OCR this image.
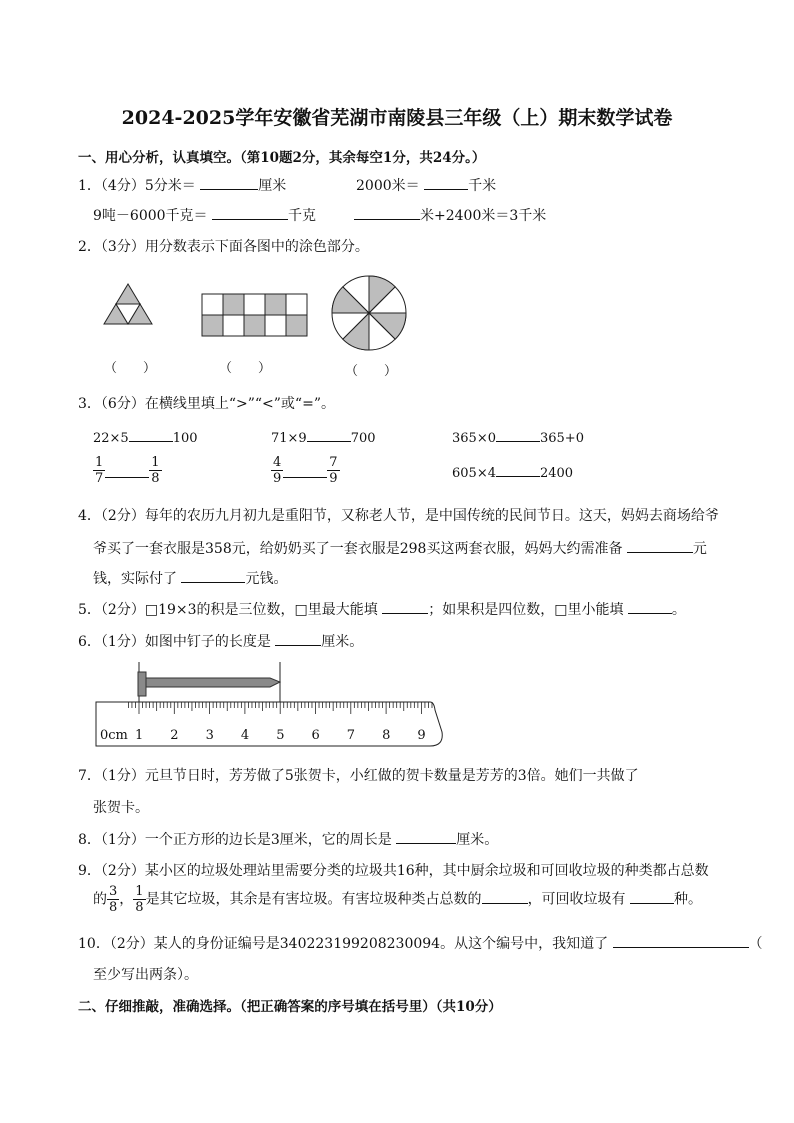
2024-2025学年安徽省芜湖市南陵县三年级（上）期末数学试卷
一、用心分析，认真填空。（第10题2分，其余每空1分，共24分。）
1．（4分）5分米＝	厘米	2000米＝	千米
9吨－6000千克＝	千克	米+2400米＝3千米
2．（3分）用分数表示下面各图中的涂色部分。
（　　）	（　　）	（　　）
3．（6分）在横线里填上“>”“<”或“=”。
22×5	100	71×9	700	365×0	365+0
$\frac{1}{7}$	$\frac{1}{8}$	$\frac{4}{9}$	$\frac{7}{9}$	605×4	2400
4．（2分）每年的农历九月初九是重阳节，又称老人节，是中国传统的民间节日。这天，妈妈去商场给爷
爷买了一套衣服是358元，给奶奶买了一套衣服是298买这两套衣服，妈妈大约需准备	元
钱，实际付了	元钱。
5．（2分）□19×3的积是三位数，□里最大能填	；如果积是四位数，□里小能填	。
6．（1分）如图中钉子的长度是	厘米。
0cm 1 2 3 4 5 6 7 8 9
7．（1分）元旦节日时，芳芳做了5张贺卡，小红做的贺卡数量是芳芳的3倍。她们一共做了
张贺卡。
8．（1分）一个正方形的边长是3厘米，它的周长是	厘米。
9．（2分）某小区的垃圾处理站里需要分类的垃圾共16种，其中厨余垃圾和可回收垃圾的种类都占总数
的 $\frac{3}{8}$ ， $\frac{1}{8}$ 是其它垃圾，其余是有害垃圾。有害垃圾种类占总数的	，可回收垃圾有	种。
10．（2分）某人的身份证编号是340223199208230094。从这个编号中，我知道了	（
至少写出两条）。
二、仔细推敲，准确选择。（把正确答案的序号填在括号里）（共10分）
